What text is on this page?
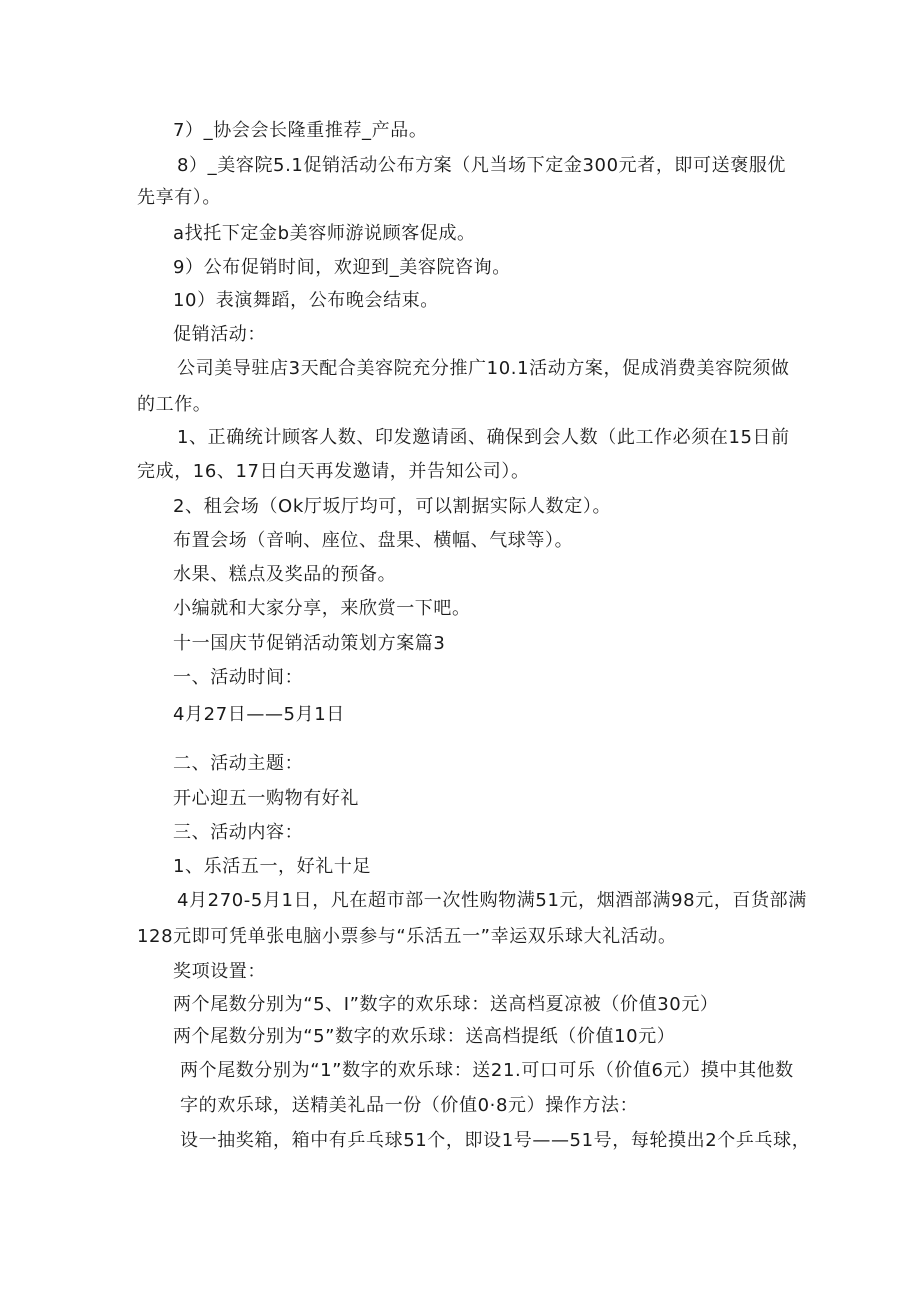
7）_协会会长隆重推荐_产品。
8）_美容院5.1促销活动公布方案（凡当场下定金300元者，即可送褒服优
先享有）。
a找托下定金b美容师游说顾客促成。
9）公布促销时间，欢迎到_美容院咨询。
10）表演舞蹈，公布晚会结束。
促销活动：
公司美导驻店3天配合美容院充分推广10.1活动方案，促成消费美容院须做
的工作。
1、正确统计顾客人数、印发邀请函、确保到会人数（此工作必须在15日前
完成，16、17日白天再发邀请，并告知公司）。
2、租会场（Ok厅坂厅均可，可以割据实际人数定）。
布置会场（音响、座位、盘果、横幅、气球等）。
水果、糕点及奖品的预备。
小编就和大家分享，来欣赏一下吧。
十一国庆节促销活动策划方案篇3
一、活动时间：
4月27日——5月1日
二、活动主题：
开心迎五一购物有好礼
三、活动内容：
1、乐活五一，好礼十足
4月270-5月1日，凡在超市部一次性购物满51元，烟酒部满98元，百货部满
128元即可凭单张电脑小票参与“乐活五一”幸运双乐球大礼活动。
奖项设置：
两个尾数分别为“5、I”数字的欢乐球：送高档夏凉被（价值30元）
两个尾数分别为“5”数字的欢乐球：送高档提纸（价值10元）
两个尾数分别为“1”数字的欢乐球：送21.可口可乐（价值6元）摸中其他数
字的欢乐球，送精美礼品一份（价值0·8元）操作方法：
设一抽奖箱，箱中有乒乓球51个，即设1号——51号，每轮摸出2个乒乓球，
